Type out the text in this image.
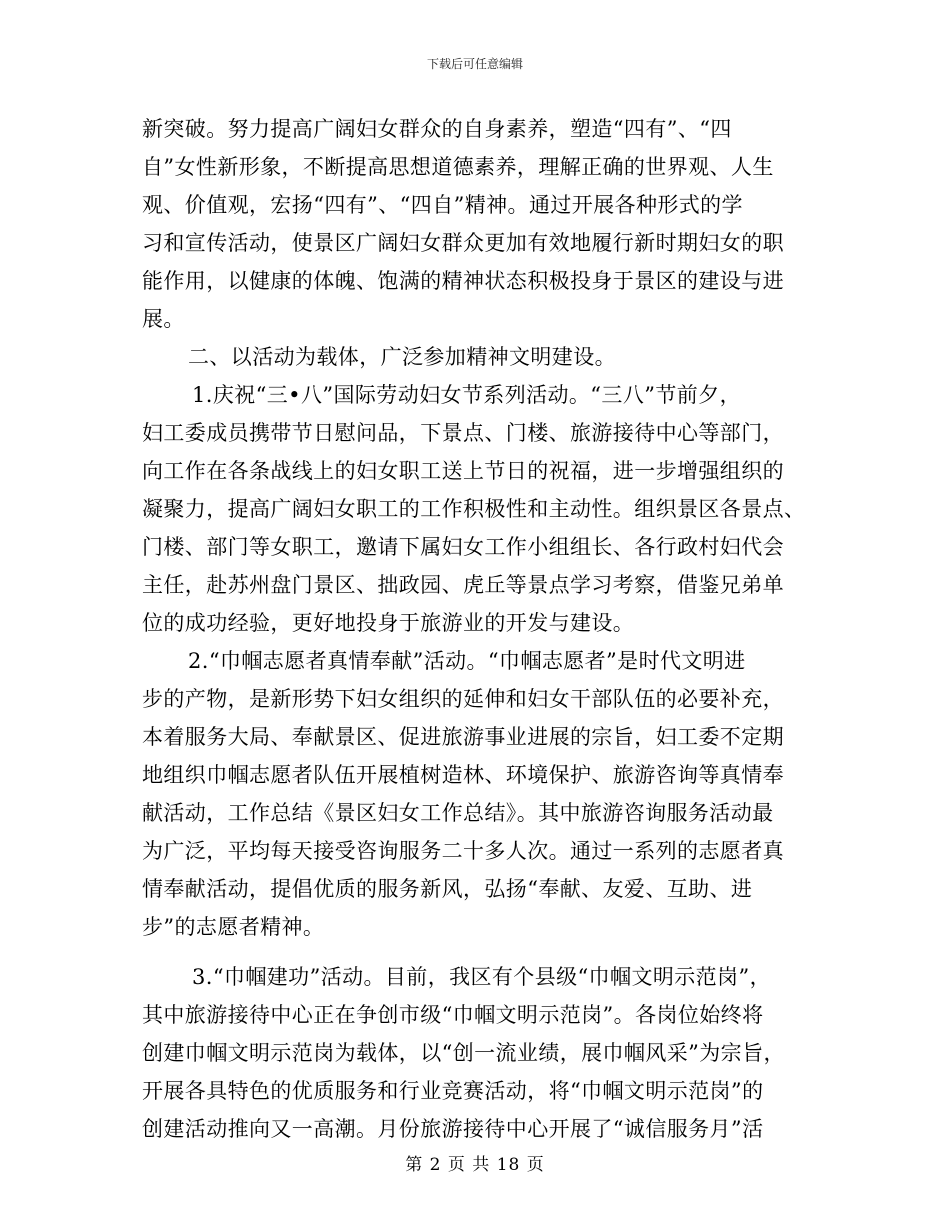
下载后可任意编辑
新突破。努力提高广阔妇女群众的自身素养，塑造“四有”、“四
自”女性新形象，不断提高思想道德素养，理解正确的世界观、人生
观、价值观，宏扬“四有”、“四自”精神。通过开展各种形式的学
习和宣传活动，使景区广阔妇女群众更加有效地履行新时期妇女的职
能作用，以健康的体魄、饱满的精神状态积极投身于景区的建设与进
展。
二、以活动为载体，广泛参加精神文明建设。
1.庆祝“三•八”国际劳动妇女节系列活动。“三八”节前夕，
妇工委成员携带节日慰问品，下景点、门楼、旅游接待中心等部门，
向工作在各条战线上的妇女职工送上节日的祝福，进一步增强组织的
凝聚力，提高广阔妇女职工的工作积极性和主动性。组织景区各景点、
门楼、部门等女职工，邀请下属妇女工作小组组长、各行政村妇代会
主任，赴苏州盘门景区、拙政园、虎丘等景点学习考察，借鉴兄弟单
位的成功经验，更好地投身于旅游业的开发与建设。
2.“巾帼志愿者真情奉献”活动。“巾帼志愿者”是时代文明进
步的产物，是新形势下妇女组织的延伸和妇女干部队伍的必要补充，
本着服务大局、奉献景区、促进旅游事业进展的宗旨，妇工委不定期
地组织巾帼志愿者队伍开展植树造林、环境保护、旅游咨询等真情奉
献活动，工作总结《景区妇女工作总结》。其中旅游咨询服务活动最
为广泛，平均每天接受咨询服务二十多人次。通过一系列的志愿者真
情奉献活动，提倡优质的服务新风，弘扬“奉献、友爱、互助、进
步”的志愿者精神。
3.“巾帼建功”活动。目前，我区有个县级“巾帼文明示范岗”，
其中旅游接待中心正在争创市级“巾帼文明示范岗”。各岗位始终将
创建巾帼文明示范岗为载体，以“创一流业绩，展巾帼风采”为宗旨，
开展各具特色的优质服务和行业竞赛活动，将“巾帼文明示范岗”的
创建活动推向又一高潮。月份旅游接待中心开展了“诚信服务月”活
第 2 页 共 18 页
